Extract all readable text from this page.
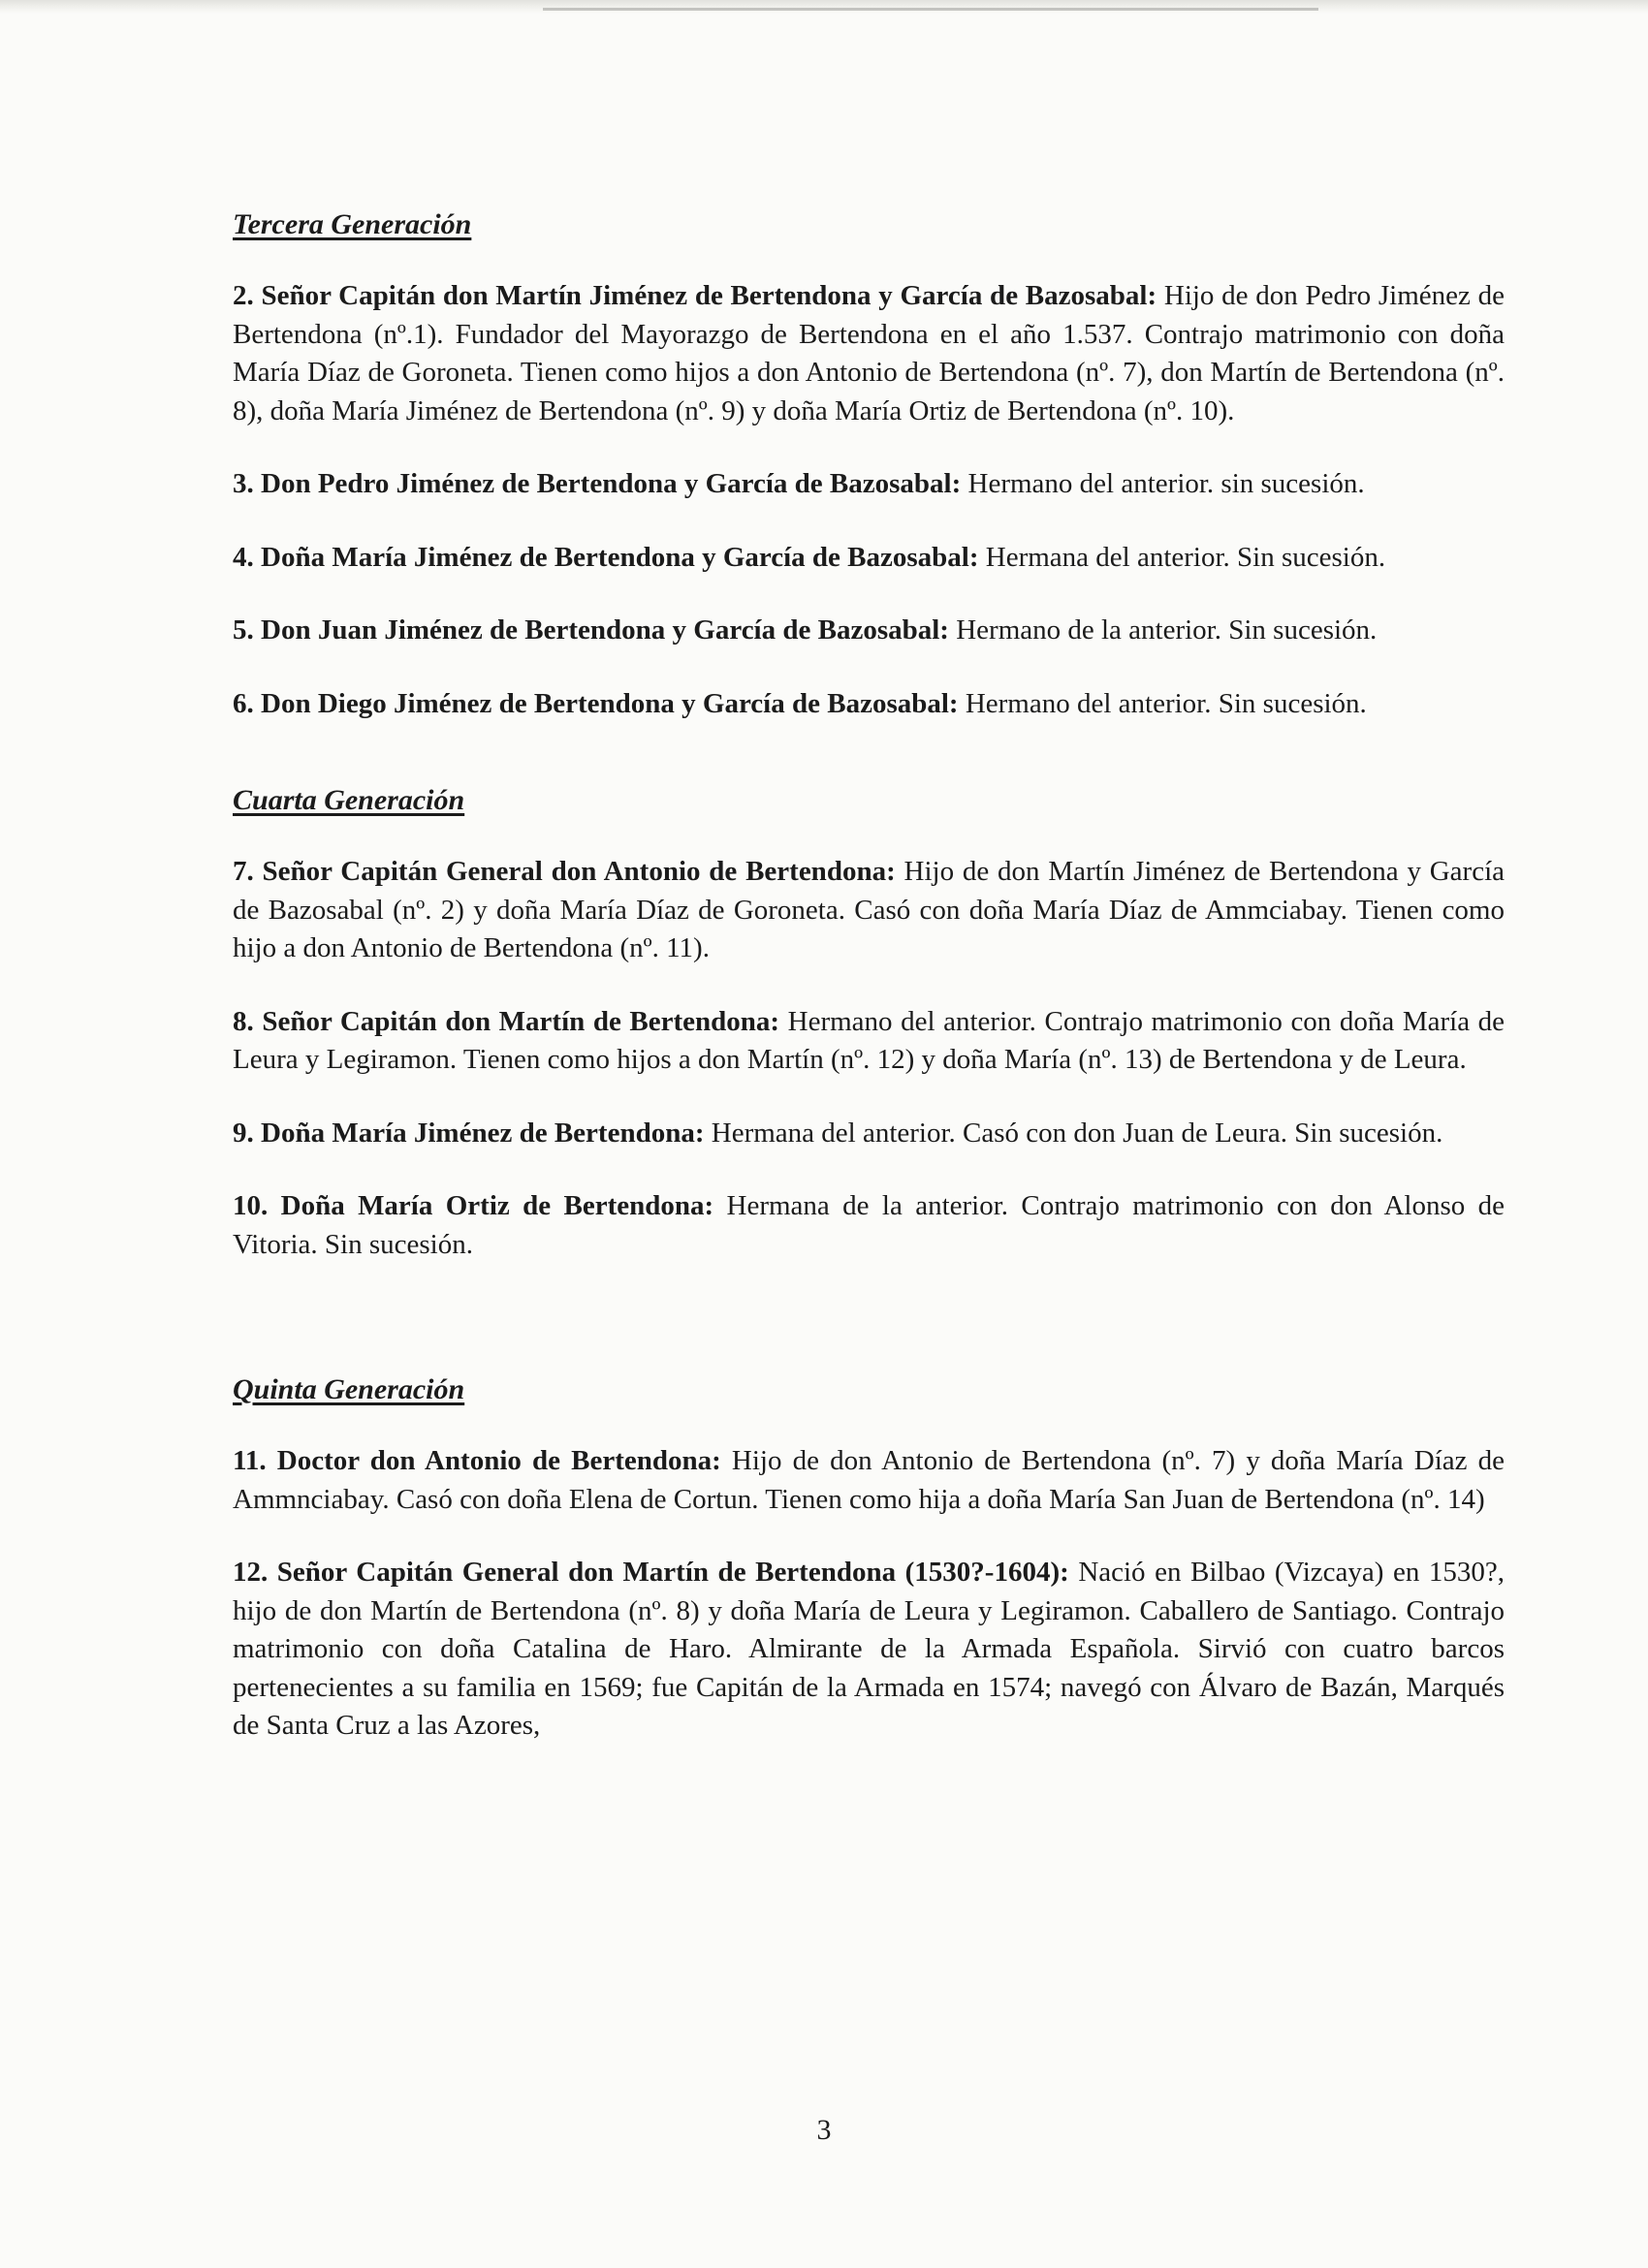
Tercera Generación

2. Señor Capitán don Martín Jiménez de Bertendona y García de Bazosabal: Hijo de don Pedro Jiménez de Bertendona (nº.1). Fundador del Mayorazgo de Bertendona en el año 1.537. Contrajo matrimonio con doña María Díaz de Goroneta. Tienen como hijos a don Antonio de Bertendona (nº. 7), don Martín de Bertendona (nº. 8), doña María Jiménez de Bertendona (nº. 9) y doña María Ortiz de Bertendona (nº. 10).

3. Don Pedro Jiménez de Bertendona y García de Bazosabal: Hermano del anterior. sin sucesión.

4. Doña María Jiménez de Bertendona y García de Bazosabal: Hermana del anterior. Sin sucesión.

5. Don Juan Jiménez de Bertendona y García de Bazosabal: Hermano de la anterior. Sin sucesión.

6. Don Diego Jiménez de Bertendona y García de Bazosabal: Hermano del anterior. Sin sucesión.

Cuarta Generación

7. Señor Capitán General don Antonio de Bertendona: Hijo de don Martín Jiménez de Bertendona y García de Bazosabal (nº. 2) y doña María Díaz de Goroneta. Casó con doña María Díaz de Ammciabay. Tienen como hijo a don Antonio de Bertendona (nº. 11).

8. Señor Capitán don Martín de Bertendona: Hermano del anterior. Contrajo matrimonio con doña María de Leura y Legiramon. Tienen como hijos a don Martín (nº. 12) y doña María (nº. 13) de Bertendona y de Leura.

9. Doña María Jiménez de Bertendona: Hermana del anterior. Casó con don Juan de Leura. Sin sucesión.

10. Doña María Ortiz de Bertendona: Hermana de la anterior. Contrajo matrimonio con don Alonso de Vitoria. Sin sucesión.

Quinta Generación

11. Doctor don Antonio de Bertendona: Hijo de don Antonio de Bertendona (nº. 7) y doña María Díaz de Ammnciabay. Casó con doña Elena de Cortun. Tienen como hija a doña María San Juan de Bertendona (nº. 14)

12. Señor Capitán General don Martín de Bertendona (1530?-1604): Nació en Bilbao (Vizcaya) en 1530?, hijo de don Martín de Bertendona (nº. 8) y doña María de Leura y Legiramon. Caballero de Santiago. Contrajo matrimonio con doña Catalina de Haro. Almirante de la Armada Española. Sirvió con cuatro barcos pertenecientes a su familia en 1569; fue Capitán de la Armada en 1574; navegó con Álvaro de Bazán, Marqués de Santa Cruz a las Azores,

3
